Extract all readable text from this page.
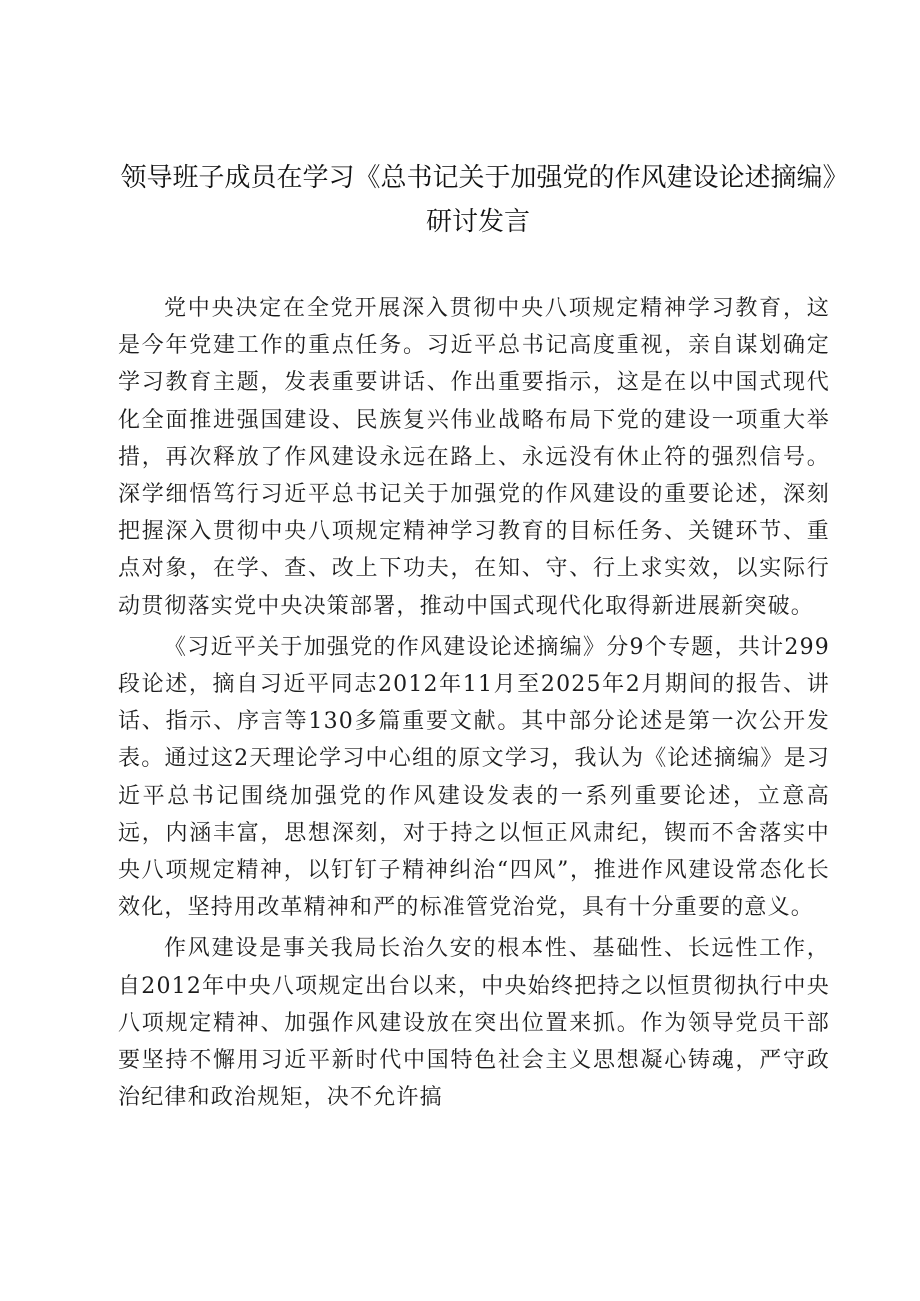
领导班子成员在学习《总书记关于加强党的作风建设论述摘编》研讨发言

党中央决定在全党开展深入贯彻中央八项规定精神学习教育，这是今年党建工作的重点任务。习近平总书记高度重视，亲自谋划确定学习教育主题，发表重要讲话、作出重要指示，这是在以中国式现代化全面推进强国建设、民族复兴伟业战略布局下党的建设一项重大举措，再次释放了作风建设永远在路上、永远没有休止符的强烈信号。深学细悟笃行习近平总书记关于加强党的作风建设的重要论述，深刻把握深入贯彻中央八项规定精神学习教育的目标任务、关键环节、重点对象，在学、查、改上下功夫，在知、守、行上求实效，以实际行动贯彻落实党中央决策部署，推动中国式现代化取得新进展新突破。

《习近平关于加强党的作风建设论述摘编》分9个专题，共计299段论述，摘自习近平同志2012年11月至2025年2月期间的报告、讲话、指示、序言等130多篇重要文献。其中部分论述是第一次公开发表。通过这2天理论学习中心组的原文学习，我认为《论述摘编》是习近平总书记围绕加强党的作风建设发表的一系列重要论述，立意高远，内涵丰富，思想深刻，对于持之以恒正风肃纪，锲而不舍落实中央八项规定精神，以钉钉子精神纠治“四风”，推进作风建设常态化长效化，坚持用改革精神和严的标准管党治党，具有十分重要的意义。

作风建设是事关我局长治久安的根本性、基础性、长远性工作，自2012年中央八项规定出台以来，中央始终把持之以恒贯彻执行中央八项规定精神、加强作风建设放在突出位置来抓。作为领导党员干部要坚持不懈用习近平新时代中国特色社会主义思想凝心铸魂，严守政治纪律和政治规矩，决不允许搞
